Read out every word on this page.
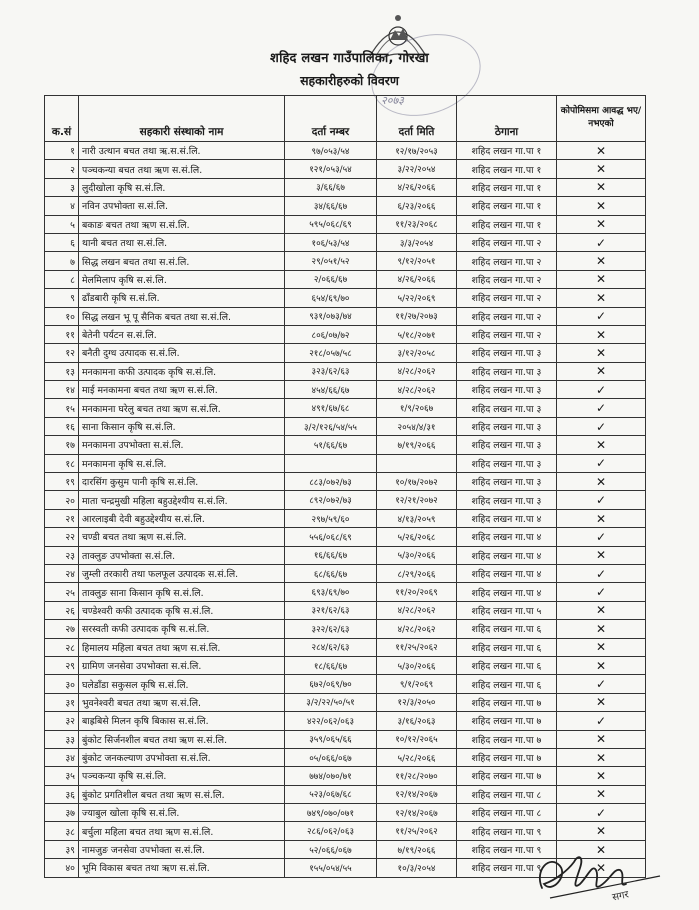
शहिद लखन गाउँपालिका, गोरखा
सहकारीहरुको विवरण
२०७३
क.सं	सहकारी संस्थाको नाम	दर्ता नम्बर	दर्ता मिति	ठेगाना	कोपोमिसमा आवद्ध भए/नभएको
१	नारी उत्थान बचत तथा ऋ.स.सं.लि.	९७/०५३/५४	१२/१७/२०५३	शहिद लखन गा.पा १	✕
२	पञ्चकन्या बचत तथा ऋण स.सं.लि.	१२१/०५३/५४	३/२२/२०५४	शहिद लखन गा.पा १	✕
३	लुदीखोला कृषि स.सं.लि.	३/६६/६७	४/२६/२०६६	शहिद लखन गा.पा १	✕
४	नविन उपभोक्ता स.सं.लि.	३४/६६/६७	६/२३/२०६६	शहिद लखन गा.पा १	✕
५	बकाङ बचत तथा ऋण स.सं.लि.	५९५/०६८/६९	११/२३/२०६८	शहिद लखन गा.पा १	✕
६	थानी बचत तथा स.सं.लि.	१०६/५३/५४	३/३/२०५४	शहिद लखन गा.पा २	✓
७	सिद्ध लखन बचत तथा स.सं.लि.	२९/०५१/५२	९/१२/२०५१	शहिद लखन गा.पा २	✕
८	मेलमिलाप कृषि स.सं.लि.	२/०६६/६७	४/२६/२०६६	शहिद लखन गा.पा २	✕
९	ढाँडबारी कृषि स.सं.लि.	६५४/६९/७०	५/२२/२०६९	शहिद लखन गा.पा २	✕
१०	सिद्ध लखन भू पू सैनिक बचत तथा स.सं.लि.	९३१/०७३/७४	११/२७/२०७३	शहिद लखन गा.पा २	✓
११	बेतेनी पर्यटन स.सं.लि.	८०६/०७/७२	५/१८/२०७१	शहिद लखन गा.पा २	✕
१२	बनैती दुग्ध उत्पादक स.सं.लि.	२१८/०५७/५८	३/१२/२०५८	शहिद लखन गा.पा ३	✕
१३	मनकामना कफी उत्पादक कृषि स.सं.लि.	३२३/६२/६३	४/२८/२०६२	शहिद लखन गा.पा ३	✕
१४	माई मनकामना बचत तथा ऋण स.सं.लि.	४५४/६६/६७	४/२८/२०६२	शहिद लखन गा.पा ३	✓
१५	मनकामना घरेलु बचत तथा ऋण स.सं.लि.	४९१/६७/६८	१/९/२०६७	शहिद लखन गा.पा ३	✓
१६	साना किसान कृषि स.सं.लि.	३/२/१२६/५४/५५	२०५४/४/३१	शहिद लखन गा.पा ३	✓
१७	मनकामना उपभोक्ता स.सं.लि.	५१/६६/६७	७/१९/२०६६	शहिद लखन गा.पा ३	✕
१८	मनकामना कृषि स.सं.लि.			शहिद लखन गा.पा ३	✓
१९	दारसिंग कुसुम पानी कृषि स.सं.लि.	८८३/०७२/७३	१०/१७/२०७२	शहिद लखन गा.पा ३	✕
२०	माता चन्द्रमुखी महिला बहुउद्देश्यीय स.सं.लि.	८९२/०७२/७३	१२/२१/२०७२	शहिद लखन गा.पा ३	✓
२१	आरलाइबी देवी बहुउद्देश्यीय स.सं.लि.	२९७/५९/६०	४/१३/२०५९	शहिद लखन गा.पा ४	✕
२२	चण्डी बचत तथा ऋण स.सं.लि.	५५६/०६८/६९	५/२६/२०६८	शहिद लखन गा.पा ४	✓
२३	ताक्लुङ उपभोक्ता स.सं.लि.	१६/६६/६७	५/३०/२०६६	शहिद लखन गा.पा ४	✕
२४	जुम्ली तरकारी तथा फलफूल उत्पादक स.सं.लि.	६८/६६/६७	८/२९/२०६६	शहिद लखन गा.पा ४	✓
२५	ताक्लुङ साना किसान कृषि स.सं.लि.	६९३/६९/७०	११/२०/२०६९	शहिद लखन गा.पा ४	✓
२६	चण्डेश्वरी कफी उत्पादक कृषि स.सं.लि.	३२१/६२/६३	४/२८/२०६२	शहिद लखन गा.पा ५	✕
२७	सरस्वती कफी उत्पादक कृषि स.सं.लि.	३२२/६२/६३	४/२८/२०६२	शहिद लखन गा.पा ६	✕
२८	हिमालय महिला बचत तथा ऋण स.सं.लि.	२८४/६२/६३	११/२५/२०६२	शहिद लखन गा.पा ६	✕
२९	ग्रामिण जनसेवा उपभोक्ता स.सं.लि.	१८/६६/६७	५/३०/२०६६	शहिद लखन गा.पा ६	✕
३०	घलेडाँडा सकुसल कृषि स.सं.लि.	६७२/०६९/७०	९/१/२०६९	शहिद लखन गा.पा ६	✓
३१	भुवनेश्वरी बचत तथा ऋण स.सं.लि.	३/२/२२/५०/५१	१२/३/२०५०	शहिद लखन गा.पा ७	✕
३२	बाह्रबिसे मिलन कृषि बिकास स.सं.लि.	४२२/०६२/०६३	३/१६/२०६३	शहिद लखन गा.पा ७	✓
३३	बुंकोट सिर्जनशील बचत तथा ऋण स.सं.लि.	३५९/०६५/६६	१०/१२/२०६५	शहिद लखन गा.पा ७	✕
३४	बुंकोट जनकल्याण उपभोक्ता स.सं.लि.	०५/०६६/०६७	५/२८/२०६६	शहिद लखन गा.पा ७	✕
३५	पञ्चकन्या कृषि स.सं.लि.	७७४/०७०/७१	११/२८/२०७०	शहिद लखन गा.पा ७	✕
३६	बुंकोट प्रगतिशील बचत तथा ऋण स.सं.लि.	५२३/०६७/६८	१२/१४/२०६७	शहिद लखन गा.पा ८	✕
३७	ज्याबुल खोला कृषि स.सं.लि.	७४९/०७०/०७१	१२/१४/२०६७	शहिद लखन गा.पा ८	✓
३८	बर्चुला महिला बचत तथा ऋण स.सं.लि.	२८६/०६२/०६३	११/२५/२०६२	शहिद लखन गा.पा ९	✕
३९	नामजुङ जनसेवा उपभोक्ता स.सं.लि.	५२/०६६/०६७	७/१९/२०६६	शहिद लखन गा.पा ९	✕
४०	भूमि विकास बचत तथा ऋण स.सं.लि.	१५५/०५४/५५	१०/३/२०५४	शहिद लखन गा.पा ९	✕
सगर
